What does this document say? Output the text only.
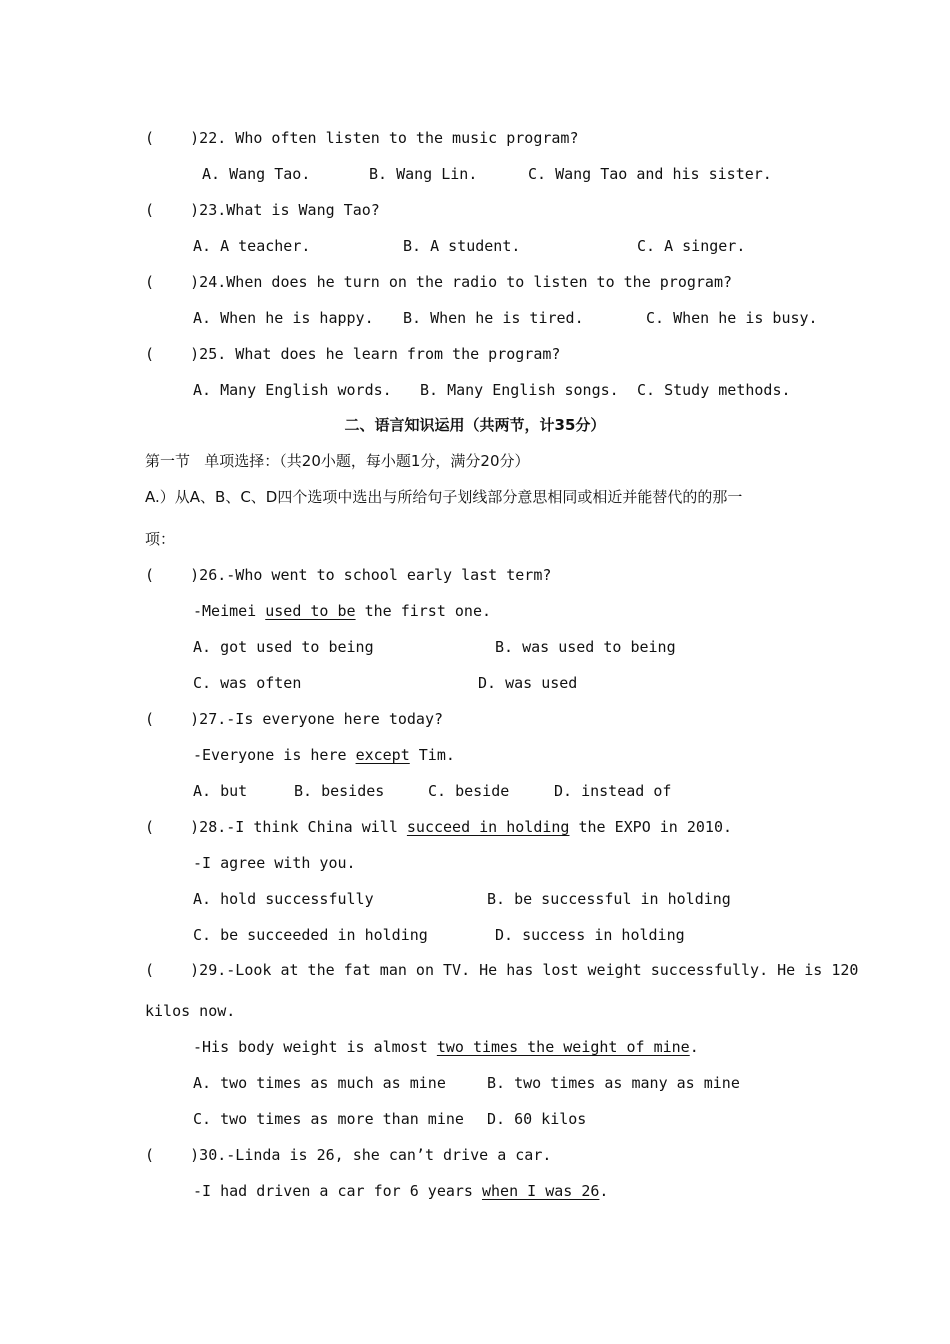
(    )22. Who often listen to the music program?
A. Wang Tao.	B. Wang Lin.	C. Wang Tao and his sister.
(    )23.What is Wang Tao?
A. A teacher.	B. A student.	C. A singer.
(    )24.When does he turn on the radio to listen to the program?
A. When he is happy. B. When he is tired.	C. When he is busy.
(    )25. What does he learn from the program?
A. Many English words. B. Many English songs. C. Study methods.
二、语言知识运用（共两节，计35分）
第一节   单项选择：（共20小题，每小题1分，满分20分）
A.）从A、B、C、D四个选项中选出与所给句子划线部分意思相同或相近并能替代的的那一
项：
(    )26.-Who went to school early last term?
-Meimei used to be the first one.
A. got used to being	B. was used to being
C. was often	D. was used
(    )27.-Is everyone here today?
-Everyone is here except Tim.
A. but	B. besides	C. beside	D. instead of
(    )28.-I think China will succeed in holding the EXPO in 2010.
-I agree with you.
A. hold successfully	B. be successful in holding
C. be succeeded in holding	D. success in holding
(    )29.-Look at the fat man on TV. He has lost weight successfully. He is 120
kilos now.
-His body weight is almost two times the weight of mine.
A. two times as much as mine	B. two times as many as mine
C. two times as more than mine D. 60 kilos
(    )30.-Linda is 26, she can’t drive a car.
-I had driven a car for 6 years when I was 26.
